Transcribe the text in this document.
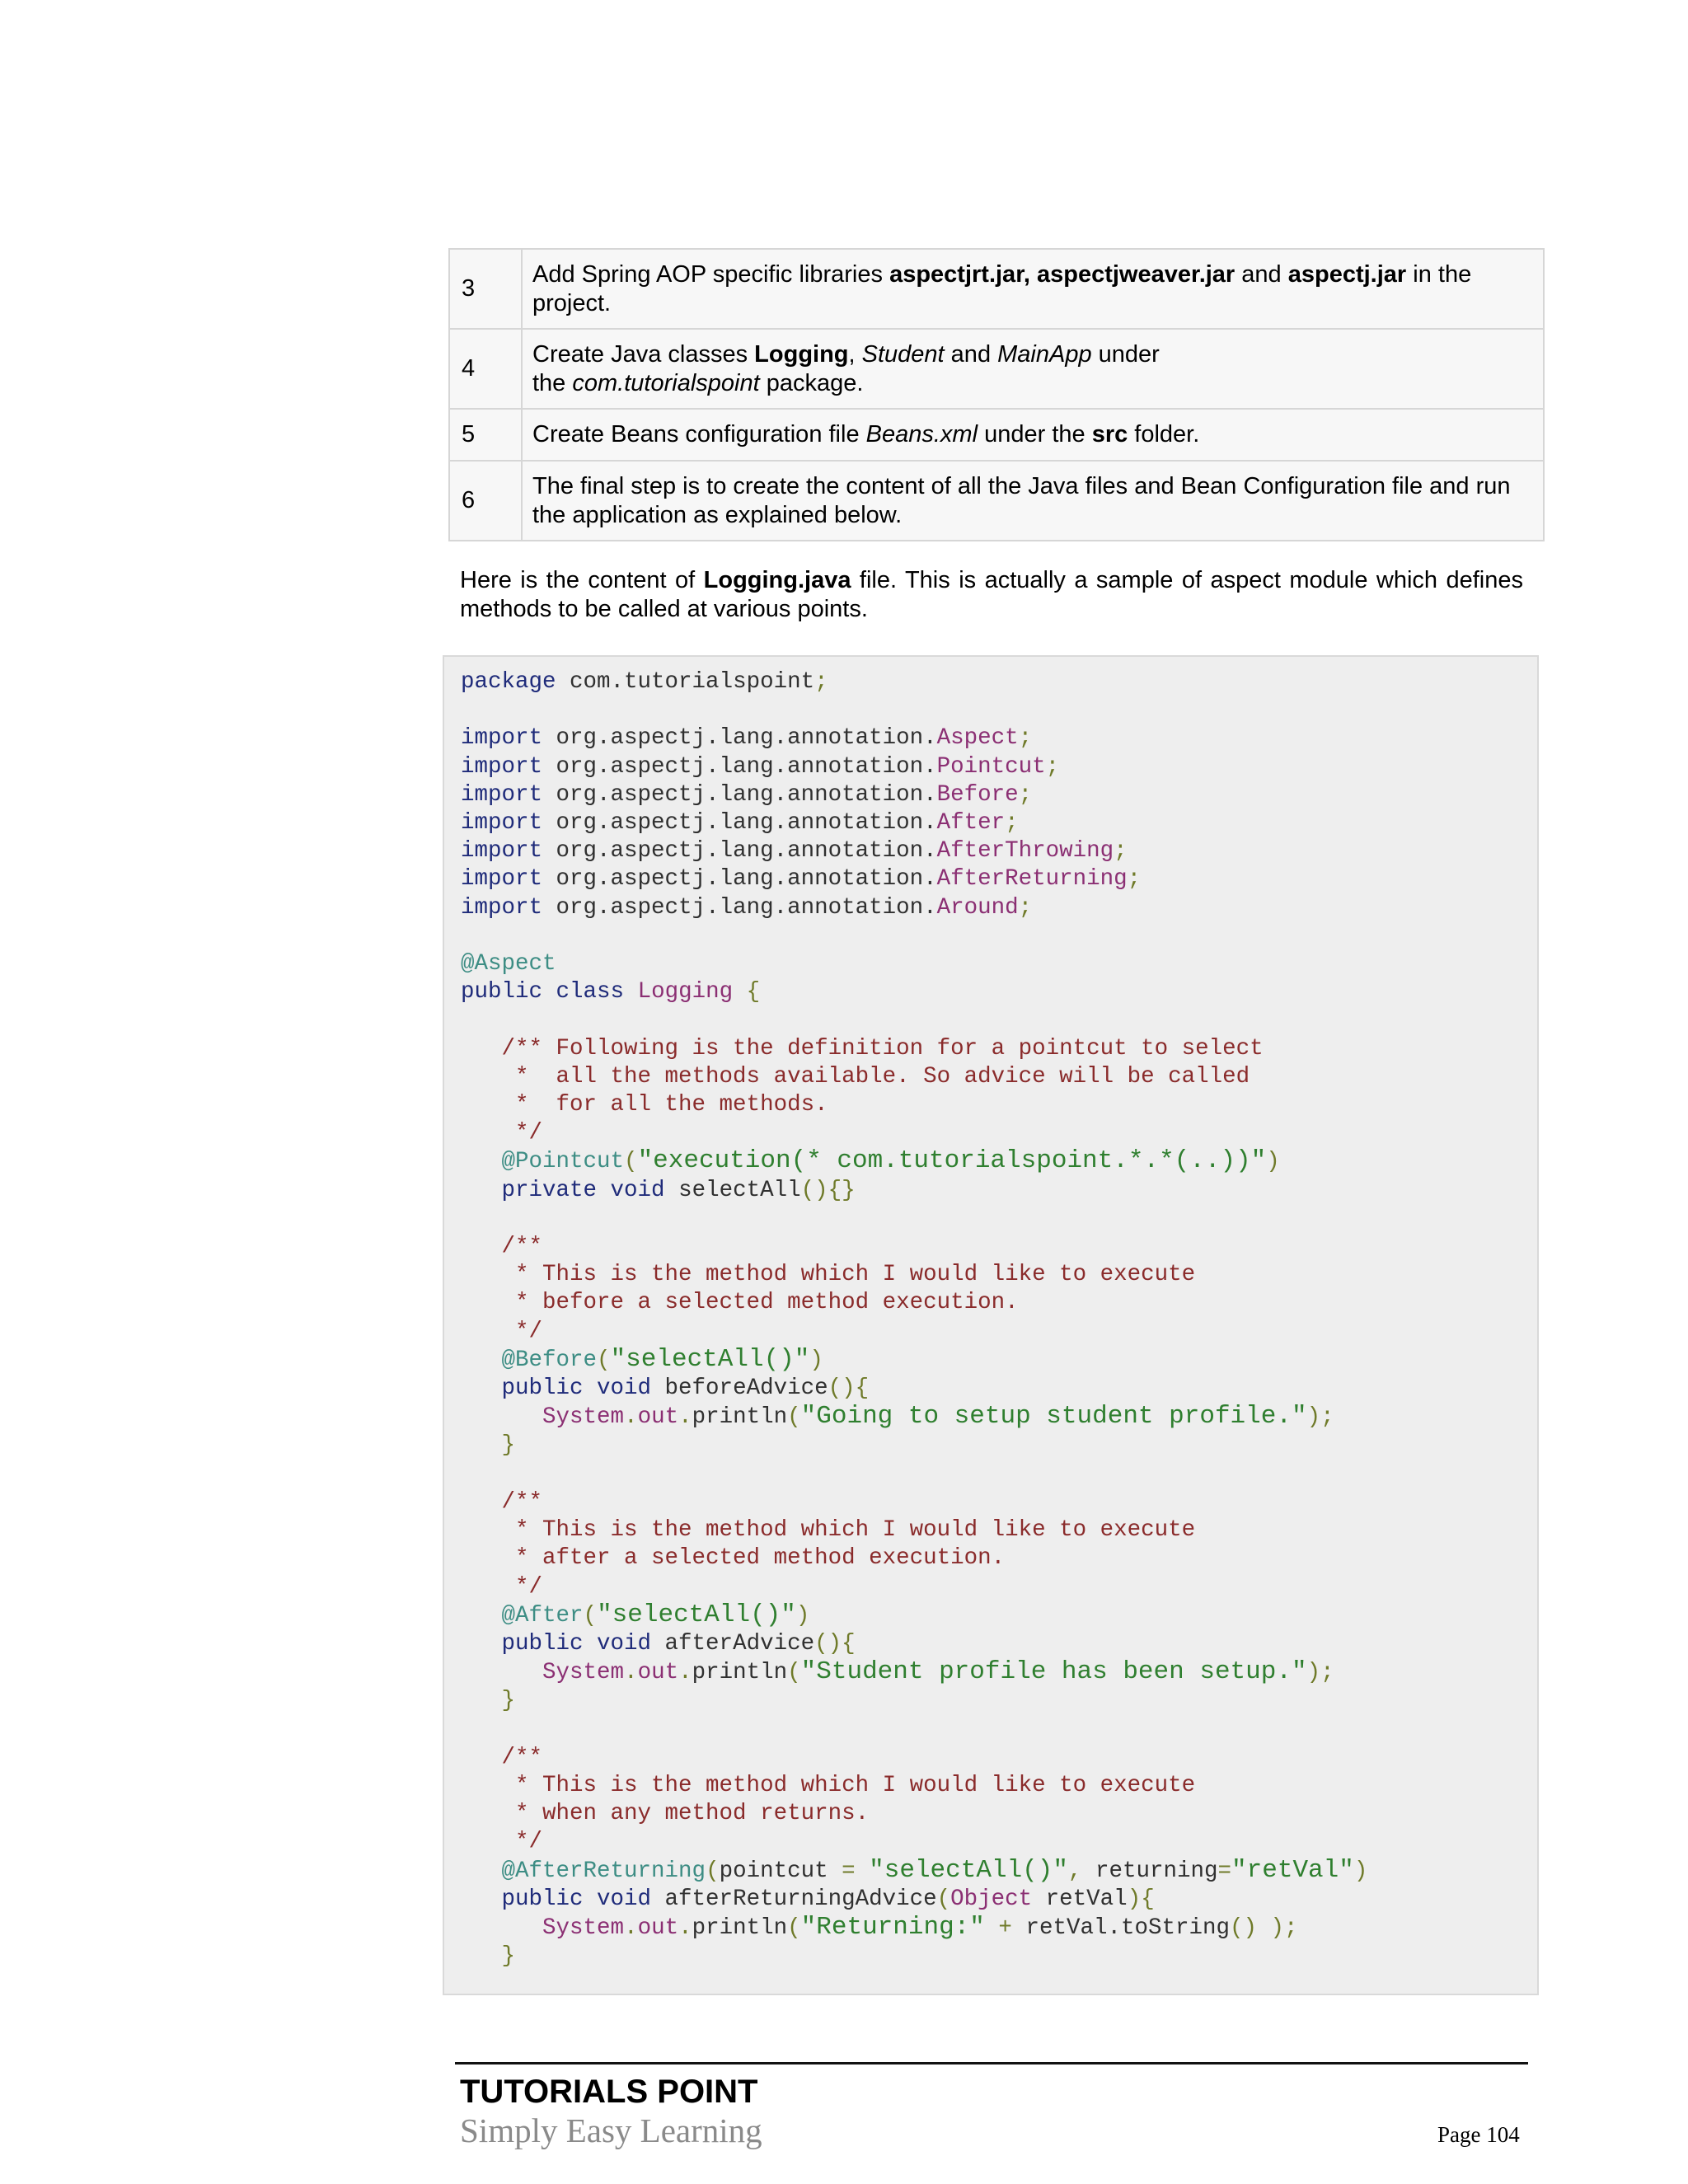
3	Add Spring AOP specific libraries aspectjrt.jar, aspectjweaver.jar and aspectj.jar in the project.
4	Create Java classes Logging, Student and MainApp under
the com.tutorialspoint package.
5	Create Beans configuration file Beans.xml under the src folder.
6	The final step is to create the content of all the Java files and Bean Configuration file and run the application as explained below.
Here is the content of Logging.java file. This is actually a sample of aspect module which defines methods to be called at various points.
package com.tutorialspoint;

import org.aspectj.lang.annotation.Aspect;
import org.aspectj.lang.annotation.Pointcut;
import org.aspectj.lang.annotation.Before;
import org.aspectj.lang.annotation.After;
import org.aspectj.lang.annotation.AfterThrowing;
import org.aspectj.lang.annotation.AfterReturning;
import org.aspectj.lang.annotation.Around;

@Aspect
public class Logging {

/** Following is the definition for a pointcut to select
*  all the methods available. So advice will be called
*  for all the methods.
*/
@Pointcut("execution(* com.tutorialspoint.*.*(..))")
private void selectAll(){}

/**
* This is the method which I would like to execute
* before a selected method execution.
*/
@Before("selectAll()")
public void beforeAdvice(){
System.out.println("Going to setup student profile.");
}

/**
* This is the method which I would like to execute
* after a selected method execution.
*/
@After("selectAll()")
public void afterAdvice(){
System.out.println("Student profile has been setup.");
}

/**
* This is the method which I would like to execute
* when any method returns.
*/
@AfterReturning(pointcut = "selectAll()", returning="retVal")
public void afterReturningAdvice(Object retVal){
System.out.println("Returning:" + retVal.toString() );
}
TUTORIALS POINT
Simply Easy Learning	Page 104
